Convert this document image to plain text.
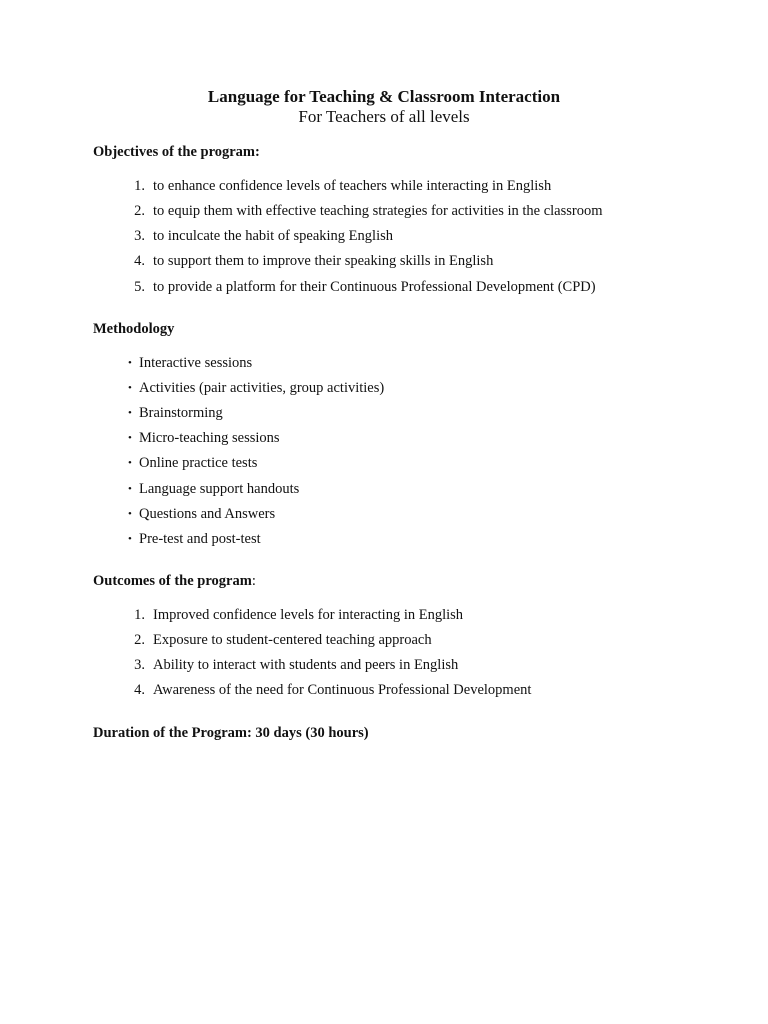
Language for Teaching & Classroom Interaction
For Teachers of all levels
Objectives of the program:
1. to enhance confidence levels of teachers while interacting in English
2. to equip them with effective teaching strategies for activities in the classroom
3. to inculcate the habit of speaking English
4. to support them to improve their speaking skills in English
5. to provide a platform for their Continuous Professional Development (CPD)
Methodology
• Interactive sessions
• Activities (pair activities, group activities)
• Brainstorming
• Micro-teaching sessions
• Online practice tests
• Language support handouts
• Questions and Answers
• Pre-test and post-test
Outcomes of the program:
1. Improved confidence levels for interacting in English
2. Exposure to student-centered teaching approach
3. Ability to interact with students and peers in English
4. Awareness of the need for Continuous Professional Development
Duration of the Program: 30 days (30 hours)
